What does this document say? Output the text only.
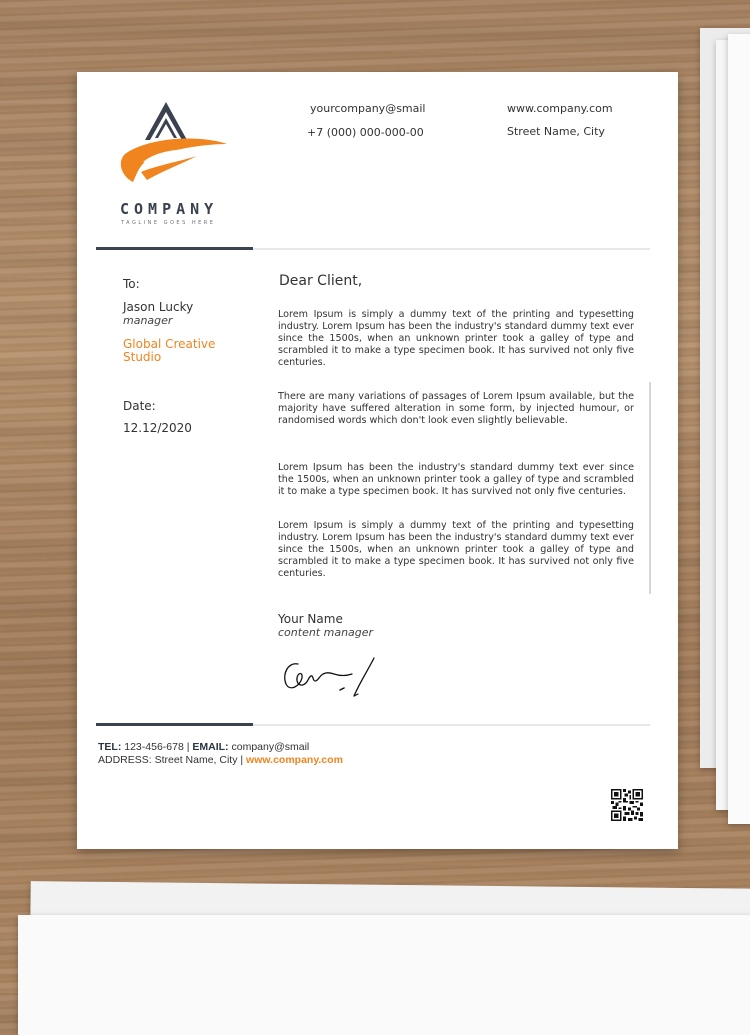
COMPANY
TAGLINE GOES HERE
yourcompany@smail
+7 (000) 000-000-00
www.company.com
Street Name, City
To:
Jason Lucky
manager
Global Creative Studio
Date:
12.12/2020
Dear Client,

Lorem Ipsum is simply a dummy text of the printing and typesetting industry. Lorem Ipsum has been the industry's standard dummy text ever since the 1500s, when an unknown printer took a galley of type and scrambled it to make a type specimen book. It has survived not only five centuries.

There are many variations of passages of Lorem Ipsum available, but the majority have suffered alteration in some form, by injected humour, or randomised words which don't look even slightly believable.

Lorem Ipsum has been the industry's standard dummy text ever since the 1500s, when an unknown printer took a galley of type and scrambled it to make a type specimen book. It has survived not only five centuries.

Lorem Ipsum is simply a dummy text of the printing and typesetting industry. Lorem Ipsum has been the industry's standard dummy text ever since the 1500s, when an unknown printer took a galley of type and scrambled it to make a type specimen book. It has survived not only five centuries.

Your Name
content manager
TEL: 123-456-678 | EMAIL: company@smail
ADDRESS: Street Name, City | www.company.com
